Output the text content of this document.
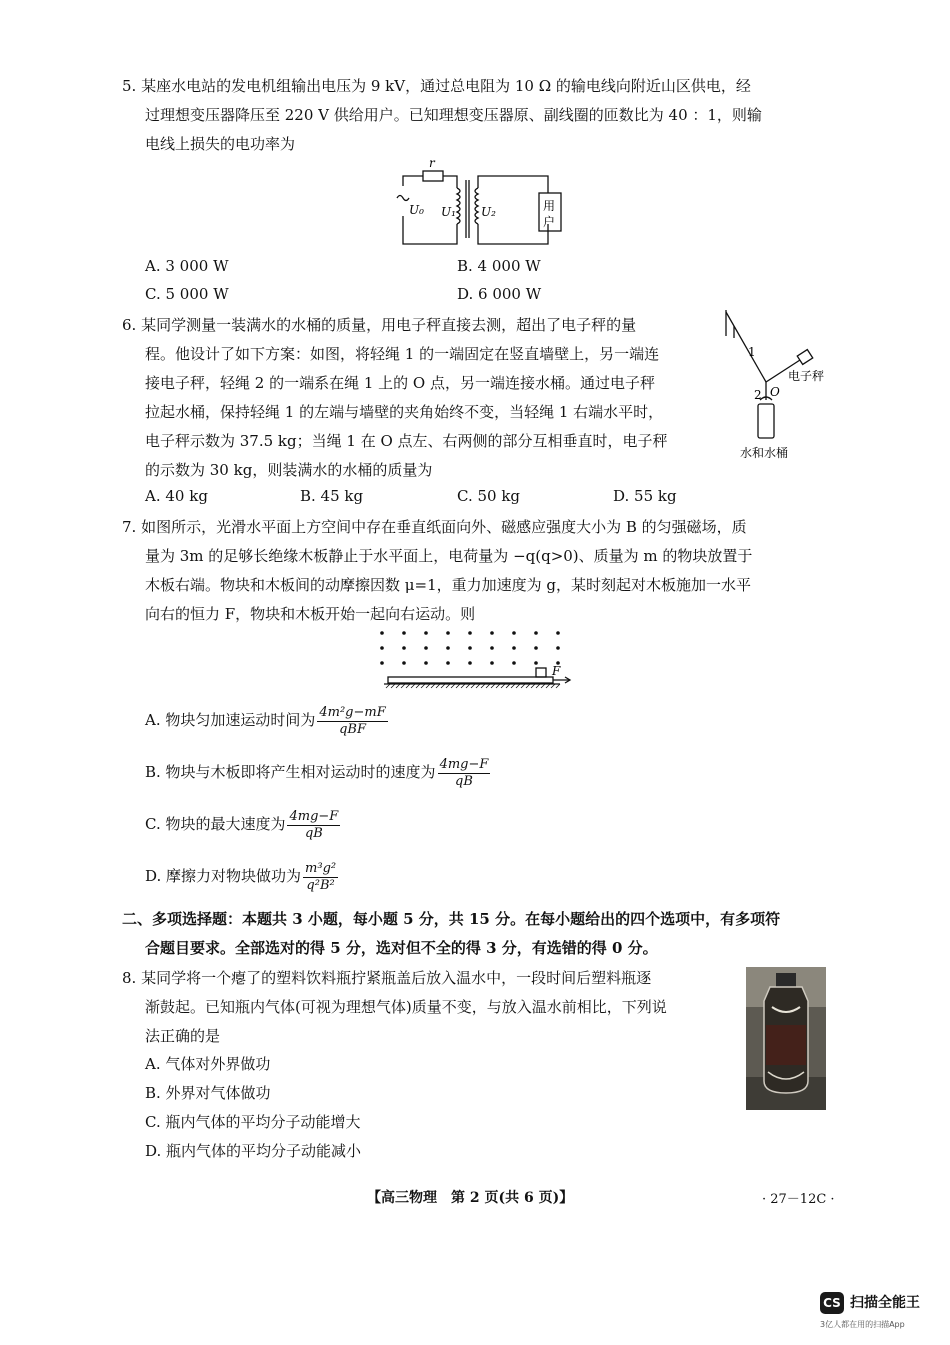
5. 某座水电站的发电机组输出电压为 9 kV，通过总电阻为 10 Ω 的输电线向附近山区供电，经
过理想变压器降压至 220 V 供给用户。已知理想变压器原、副线圈的匝数比为 40 ：1，则输
电线上损失的电功率为
r
U₀ U₁ U₂	用
户
A. 3 000 W	B. 4 000 W
C. 5 000 W	D. 6 000 W
6. 某同学测量一装满水的水桶的质量，用电子秤直接去测，超出了电子秤的量
程。他设计了如下方案：如图，将轻绳 1 的一端固定在竖直墙壁上，另一端连
接电子秤，轻绳 2 的一端系在绳 1 上的 O 点，另一端连接水桶。通过电子秤
拉起水桶，保持轻绳 1 的左端与墙壁的夹角始终不变，当轻绳 1 右端水平时，
电子秤示数为 37.5 kg；当绳 1 在 O 点左、右两侧的部分互相垂直时，电子秤
的示数为 30 kg，则装满水的水桶的质量为
1
2 O
电子秤
水和水桶
A. 40 kg	B. 45 kg	C. 50 kg	D. 55 kg
7. 如图所示，光滑水平面上方空间中存在垂直纸面向外、磁感应强度大小为 B 的匀强磁场，质
量为 3m 的足够长绝缘木板静止于水平面上，电荷量为 −q(q>0)、质量为 m 的物块放置于
木板右端。物块和木板间的动摩擦因数 μ=1，重力加速度为 g，某时刻起对木板施加一水平
向右的恒力 F，物块和木板开始一起向右运动。则
F
A. 物块匀加速运动时间为 $\frac{\text{4m²g−mF}}{\text{qBF}}$
B. 物块与木板即将产生相对运动时的速度为 $\frac{4mg-F}{qB}$
C. 物块的最大速度为 $\frac{4mg-F}{qB}$
D. 摩擦力对物块做功为 $\frac{\text{m³g²}}{\text{q²B²}}$
二、多项选择题：本题共 3 小题，每小题 5 分，共 15 分。在每小题给出的四个选项中，有多项符
合题目要求。全部选对的得 5 分，选对但不全的得 3 分，有选错的得 0 分。
8. 某同学将一个瘪了的塑料饮料瓶拧紧瓶盖后放入温水中，一段时间后塑料瓶逐
渐鼓起。已知瓶内气体(可视为理想气体)质量不变，与放入温水前相比，下列说
法正确的是
A. 气体对外界做功
B. 外界对气体做功
C. 瓶内气体的平均分子动能增大
D. 瓶内气体的平均分子动能减小
【高三物理　第 2 页(共 6 页)】	· 27－12C ·
CS 扫描全能王
3亿人都在用的扫描App
